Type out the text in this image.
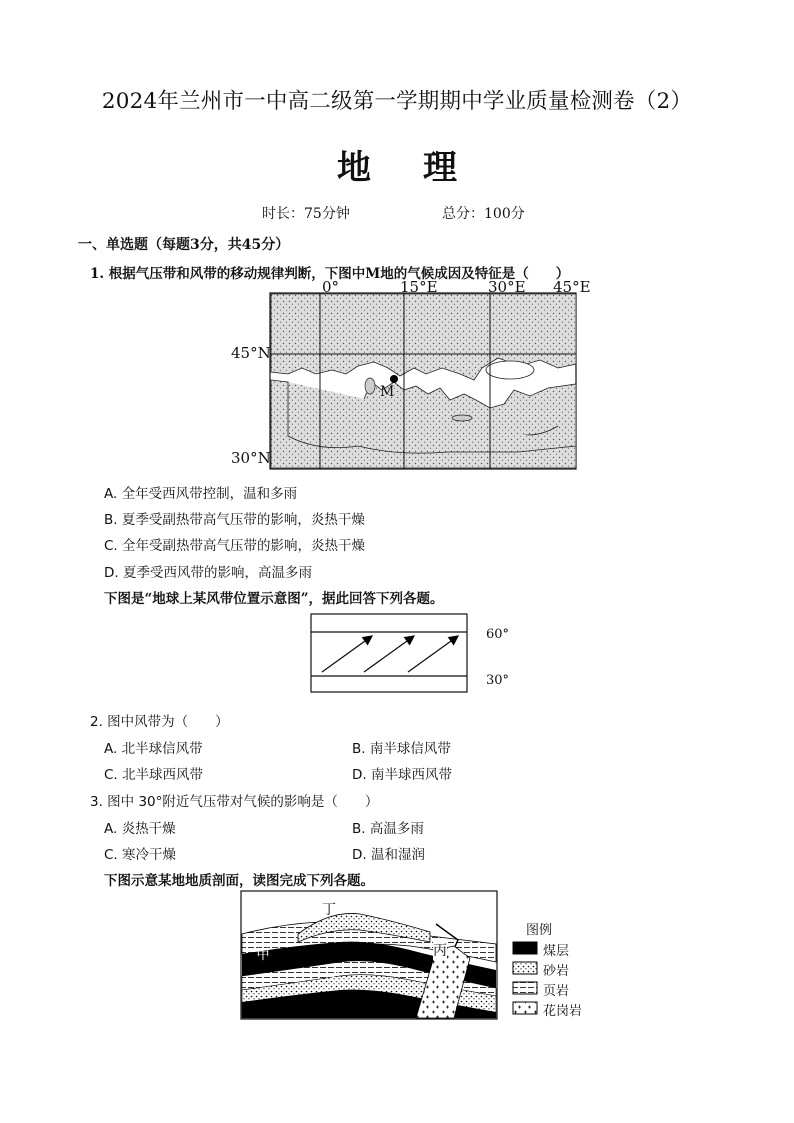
2024年兰州市一中高二级第一学期期中学业质量检测卷（2）
地理
时长：75分钟	总分：100分
一、单选题（每题3分，共45分）
1. 根据气压带和风带的移动规律判断，下图中M地的气候成因及特征是（　　）
0°	15°E	30°E 45°E
45°N
30°N
M
A. 全年受西风带控制，温和多雨
B. 夏季受副热带高气压带的影响，炎热干燥
C. 全年受副热带高气压带的影响，炎热干燥
D. 夏季受西风带的影响，高温多雨
下图是“地球上某风带位置示意图”，据此回答下列各题。
60°
30°
2. 图中风带为（　　）
A. 北半球信风带	B. 南半球信风带
C. 北半球西风带	D. 南半球西风带
3. 图中 30°附近气压带对气候的影响是（　　）
A. 炎热干燥	B. 高温多雨
C. 寒冷干燥	D. 温和湿润
下图示意某地地质剖面，读图完成下列各题。
丁
甲
乙
丙
图例
煤层
砂岩
页岩
花岗岩
